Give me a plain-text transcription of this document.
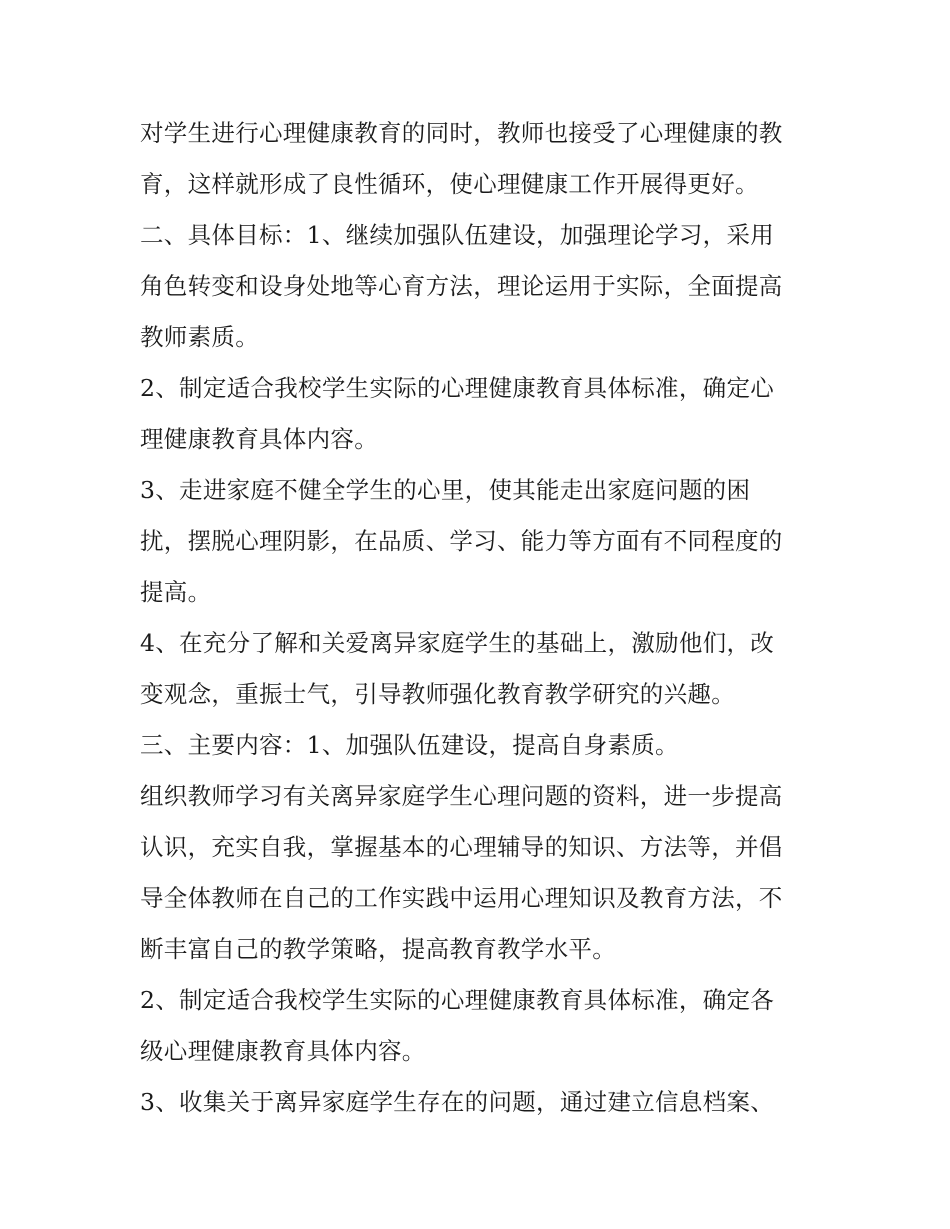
对学生进行心理健康教育的同时，教师也接受了心理健康的教
育，这样就形成了良性循环，使心理健康工作开展得更好。
二、具体目标：1、继续加强队伍建设，加强理论学习，采用
角色转变和设身处地等心育方法，理论运用于实际，全面提高
教师素质。
2、制定适合我校学生实际的心理健康教育具体标准，确定心
理健康教育具体内容。
3、走进家庭不健全学生的心里，使其能走出家庭问题的困
扰，摆脱心理阴影，在品质、学习、能力等方面有不同程度的
提高。
4、在充分了解和关爱离异家庭学生的基础上，激励他们，改
变观念，重振士气，引导教师强化教育教学研究的兴趣。
三、主要内容：1、加强队伍建设，提高自身素质。
组织教师学习有关离异家庭学生心理问题的资料，进一步提高
认识，充实自我，掌握基本的心理辅导的知识、方法等，并倡
导全体教师在自己的工作实践中运用心理知识及教育方法，不
断丰富自己的教学策略，提高教育教学水平。
2、制定适合我校学生实际的心理健康教育具体标准，确定各
级心理健康教育具体内容。
3、收集关于离异家庭学生存在的问题，通过建立信息档案、
